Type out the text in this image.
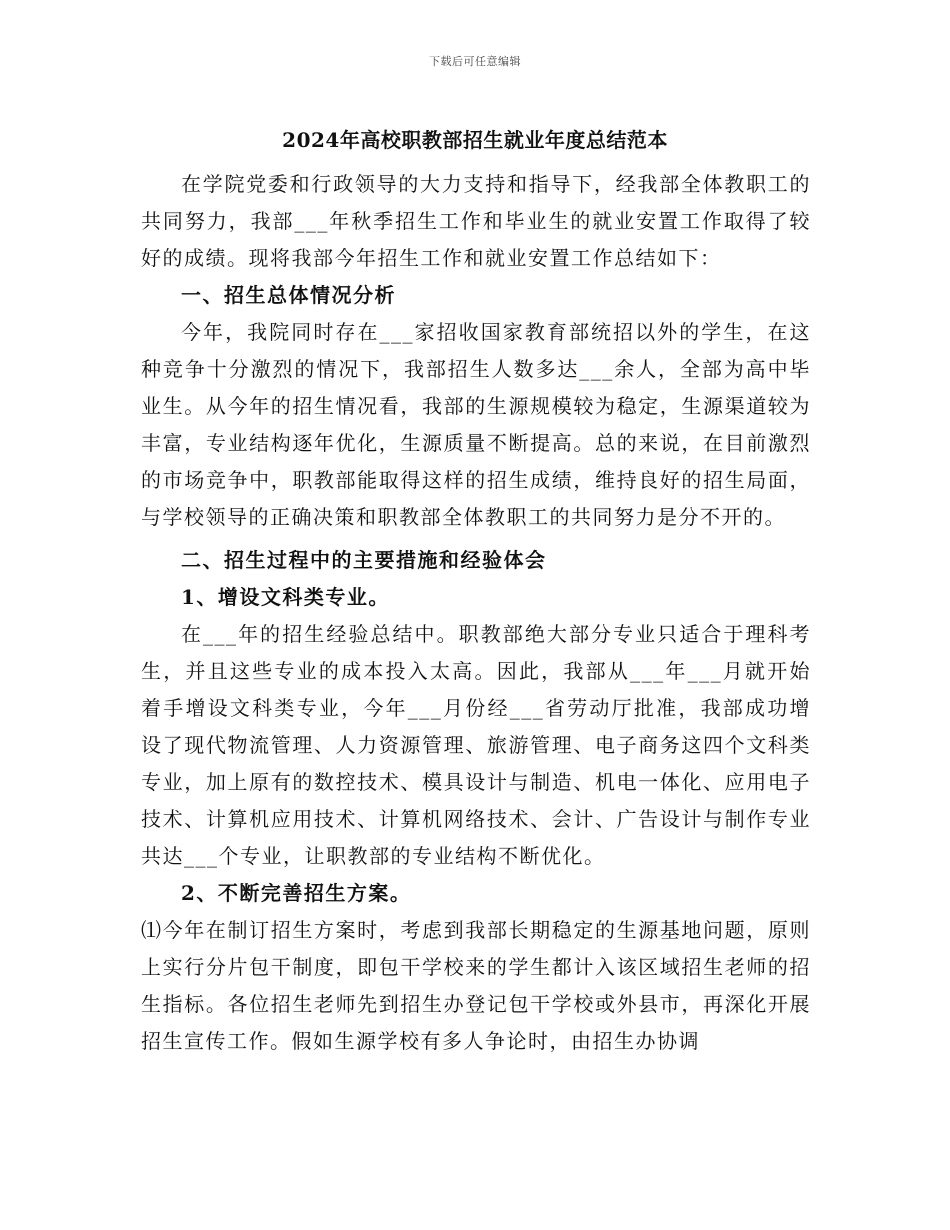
下载后可任意编辑
2024年高校职教部招生就业年度总结范本

在学院党委和行政领导的大力支持和指导下，经我部全体教职工的共同努力，我部___年秋季招生工作和毕业生的就业安置工作取得了较好的成绩。现将我部今年招生工作和就业安置工作总结如下：

一、招生总体情况分析

今年，我院同时存在___家招收国家教育部统招以外的学生，在这种竞争十分激烈的情况下，我部招生人数多达___余人，全部为高中毕业生。从今年的招生情况看，我部的生源规模较为稳定，生源渠道较为丰富，专业结构逐年优化，生源质量不断提高。总的来说，在目前激烈的市场竞争中，职教部能取得这样的招生成绩，维持良好的招生局面，与学校领导的正确决策和职教部全体教职工的共同努力是分不开的。

二、招生过程中的主要措施和经验体会
1、增设文科类专业。

在___年的招生经验总结中。职教部绝大部分专业只适合于理科考生，并且这些专业的成本投入太高。因此，我部从___年___月就开始着手增设文科类专业，今年___月份经___省劳动厅批准，我部成功增设了现代物流管理、人力资源管理、旅游管理、电子商务这四个文科类专业，加上原有的数控技术、模具设计与制造、机电一体化、应用电子技术、计算机应用技术、计算机网络技术、会计、广告设计与制作专业共达___个专业，让职教部的专业结构不断优化。

2、不断完善招生方案。

⑴今年在制订招生方案时，考虑到我部长期稳定的生源基地问题，原则上实行分片包干制度，即包干学校来的学生都计入该区域招生老师的招生指标。各位招生老师先到招生办登记包干学校或外县市，再深化开展招生宣传工作。假如生源学校有多人争论时，由招生办协调
